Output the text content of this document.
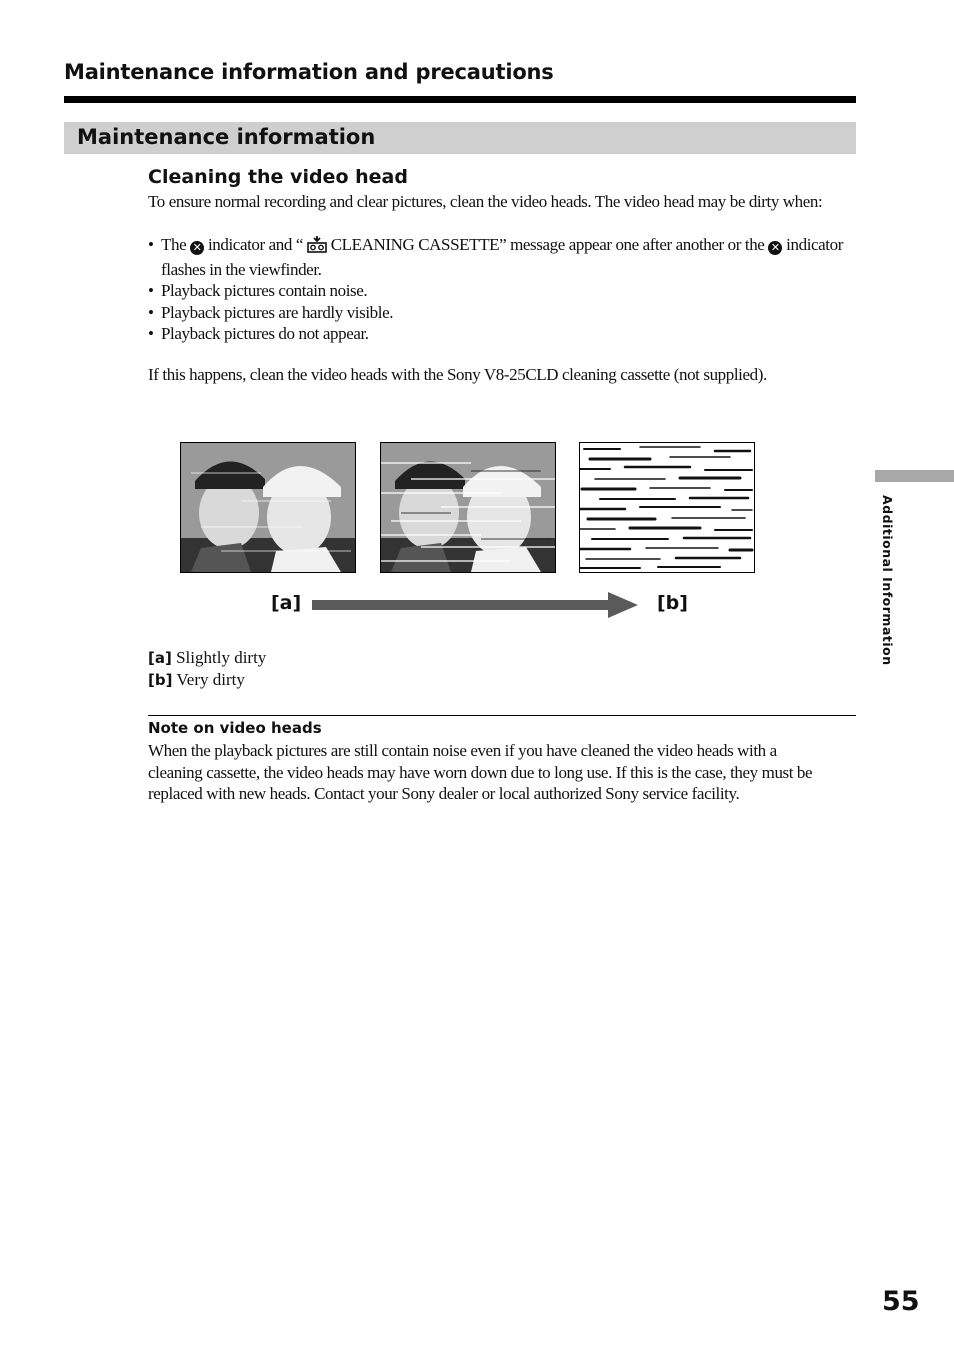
Maintenance information and precautions
Maintenance information
Cleaning the video head
To ensure normal recording and clear pictures, clean the video heads. The video head may be dirty when:
• The ✕ indicator and “ CLEANING CASSETTE” message appear one after another or the ✕ indicator flashes in the viewfinder.
• Playback pictures contain noise.
• Playback pictures are hardly visible.
• Playback pictures do not appear.
If this happens, clean the video heads with the Sony V8-25CLD cleaning cassette (not supplied).
[a]	[b]
[a] Slightly dirty
[b] Very dirty
Note on video heads
When the playback pictures are still contain noise even if you have cleaned the video heads with a cleaning cassette, the video heads may have worn down due to long use. If this is the case, they must be replaced with new heads. Contact your Sony dealer or local authorized Sony service facility.
Additional Information
55
